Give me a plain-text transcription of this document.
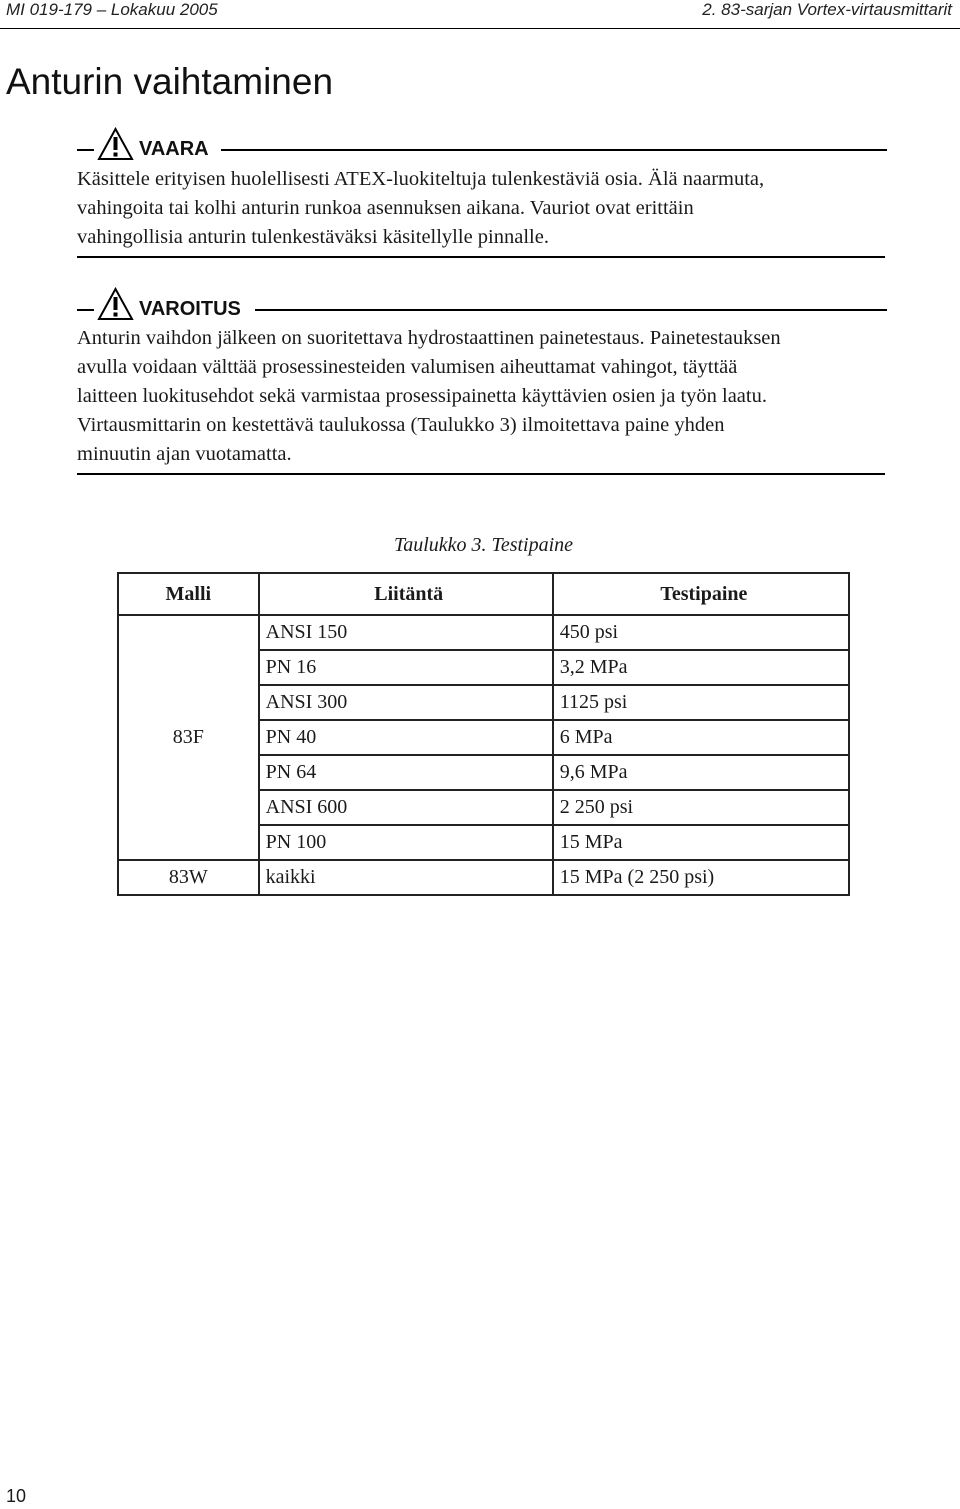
MI 019-179 – Lokakuu 2005	2. 83-sarjan Vortex-virtausmittarit
Anturin vaihtaminen
VAARA
Käsittele erityisen huolellisesti ATEX-luokiteltuja tulenkestäviä osia. Älä naarmuta,
vahingoita tai kolhi anturin runkoa asennuksen aikana. Vauriot ovat erittäin
vahingollisia anturin tulenkestäväksi käsitellylle pinnalle.
VAROITUS
Anturin vaihdon jälkeen on suoritettava hydrostaattinen painetestaus. Painetestauksen
avulla voidaan välttää prosessinesteiden valumisen aiheuttamat vahingot, täyttää
laitteen luokitusehdot sekä varmistaa prosessipainetta käyttävien osien ja työn laatu.
Virtausmittarin on kestettävä taulukossa (Taulukko 3) ilmoitettava paine yhden
minuutin ajan vuotamatta.
Taulukko 3. Testipaine
Malli	Liitäntä	Testipaine
83F	ANSI 150	450 psi
	PN 16	3,2 MPa
	ANSI 300	1125 psi
	PN 40	6 MPa
	PN 64	9,6 MPa
	ANSI 600	2 250 psi
	PN 100	15 MPa
83W	kaikki	15 MPa (2 250 psi)
10
